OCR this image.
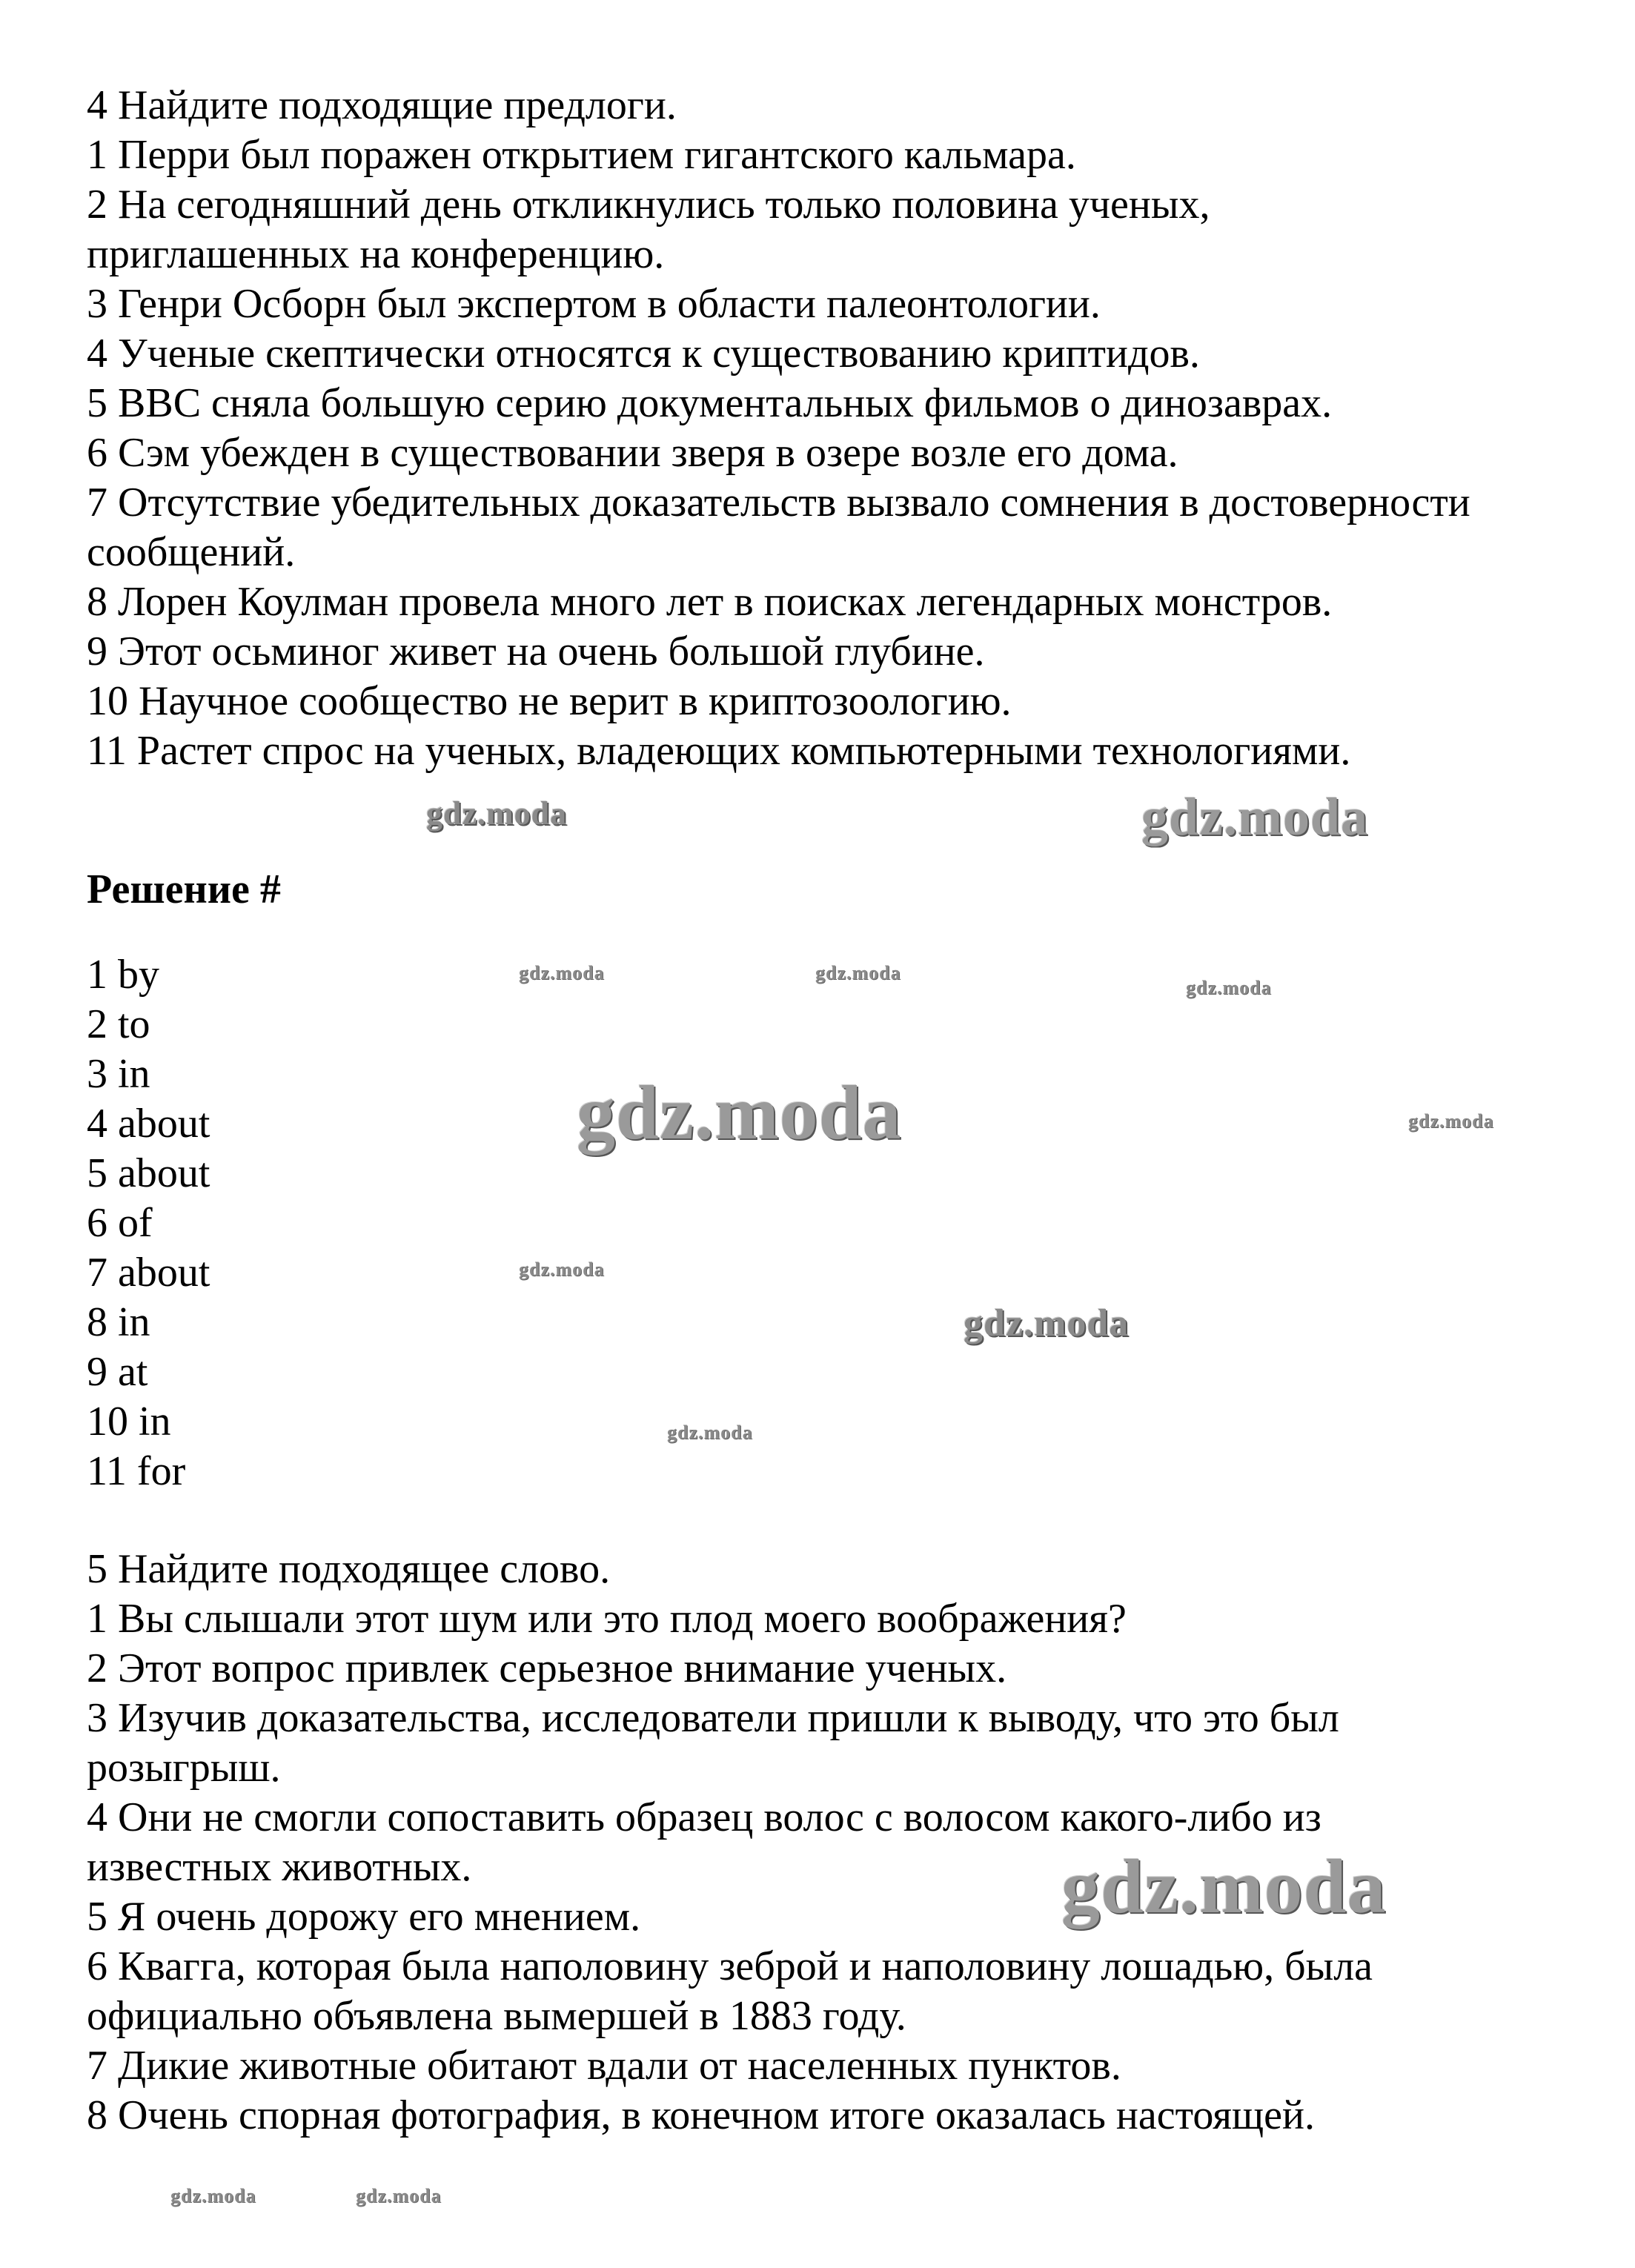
4 Найдите подходящие предлоги.
1 Перри был поражен открытием гигантского кальмара.
2 На сегодняшний день откликнулись только половина ученых,
приглашенных на конференцию.
3 Генри Осборн был экспертом в области палеонтологии.
4 Ученые скептически относятся к существованию криптидов.
5 BBC сняла большую серию документальных фильмов о динозаврах.
6 Сэм убежден в существовании зверя в озере возле его дома.
7 Отсутствие убедительных доказательств вызвало сомнения в достоверности
сообщений.
8 Лорен Коулман провела много лет в поисках легендарных монстров.
9 Этот осьминог живет на очень большой глубине.
10 Научное сообщество не верит в криптозоологию.
11 Растет спрос на ученых, владеющих компьютерными технологиями.
Решение #
1 by
2 to
3 in
4 about
5 about
6 of
7 about
8 in
9 at
10 in
11 for
5 Найдите подходящее слово.
1 Вы слышали этот шум или это плод моего воображения?
2 Этот вопрос привлек серьезное внимание ученых.
3 Изучив доказательства, исследователи пришли к выводу, что это был
розыгрыш.
4 Они не смогли сопоставить образец волос с волосом какого-либо из
известных животных.
5 Я очень дорожу его мнением.
6 Квагга, которая была наполовину зеброй и наполовину лошадью, была
официально объявлена вымершей в 1883 году.
7 Дикие животные обитают вдали от населенных пунктов.
8 Очень спорная фотография, в конечном итоге оказалась настоящей.
gdz.moda
gdz.moda
gdz.moda
gdz.moda
gdz.moda
gdz.moda	gdz.moda
gdz.moda
gdz.moda
gdz.moda
gdz.moda
gdz.moda	gdz.moda
